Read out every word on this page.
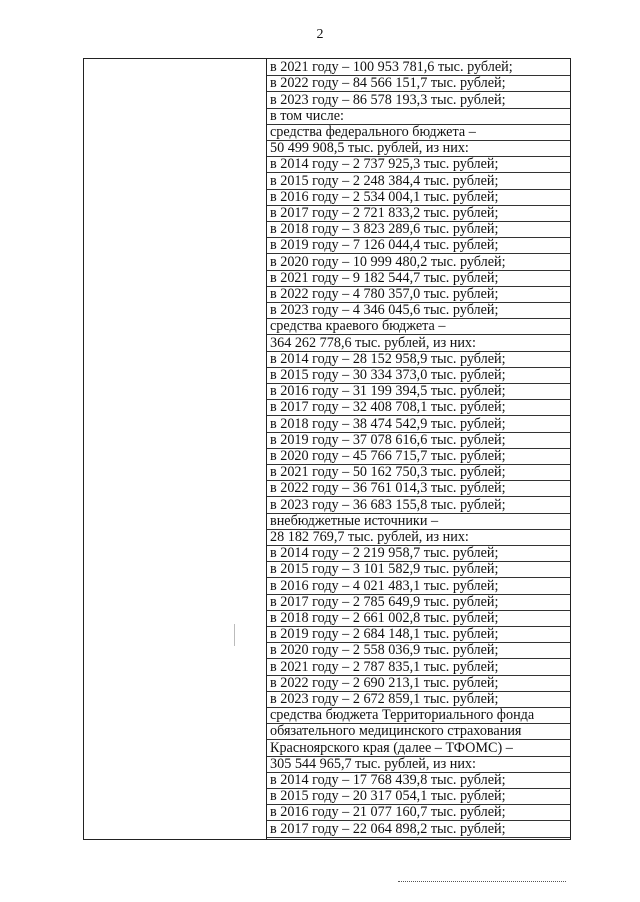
2
в 2021 году – 100 953 781,6 тыс. рублей;
в 2022 году – 84 566 151,7 тыс. рублей;
в 2023 году – 86 578 193,3 тыс. рублей;
в том числе:
средства федерального бюджета –
50 499 908,5 тыс. рублей, из них:
в 2014 году – 2 737 925,3 тыс. рублей;
в 2015 году – 2 248 384,4 тыс. рублей;
в 2016 году – 2 534 004,1 тыс. рублей;
в 2017 году – 2 721 833,2 тыс. рублей;
в 2018 году – 3 823 289,6 тыс. рублей;
в 2019 году – 7 126 044,4 тыс. рублей;
в 2020 году – 10 999 480,2 тыс. рублей;
в 2021 году – 9 182 544,7 тыс. рублей;
в 2022 году – 4 780 357,0 тыс. рублей;
в 2023 году – 4 346 045,6 тыс. рублей;
средства краевого бюджета –
364 262 778,6 тыс. рублей, из них:
в 2014 году – 28 152 958,9 тыс. рублей;
в 2015 году – 30 334 373,0 тыс. рублей;
в 2016 году – 31 199 394,5 тыс. рублей;
в 2017 году – 32 408 708,1 тыс. рублей;
в 2018 году – 38 474 542,9 тыс. рублей;
в 2019 году – 37 078 616,6 тыс. рублей;
в 2020 году – 45 766 715,7 тыс. рублей;
в 2021 году – 50 162 750,3 тыс. рублей;
в 2022 году – 36 761 014,3 тыс. рублей;
в 2023 году – 36 683 155,8 тыс. рублей;
внебюджетные источники –
28 182 769,7 тыс. рублей, из них:
в 2014 году – 2 219 958,7 тыс. рублей;
в 2015 году – 3 101 582,9 тыс. рублей;
в 2016 году – 4 021 483,1 тыс. рублей;
в 2017 году – 2 785 649,9 тыс. рублей;
в 2018 году – 2 661 002,8 тыс. рублей;
в 2019 году – 2 684 148,1 тыс. рублей;
в 2020 году – 2 558 036,9 тыс. рублей;
в 2021 году – 2 787 835,1 тыс. рублей;
в 2022 году – 2 690 213,1 тыс. рублей;
в 2023 году – 2 672 859,1 тыс. рублей;
средства бюджета Территориального фонда
обязательного медицинского страхования
Красноярского края (далее – ТФОМС) –
305 544 965,7 тыс. рублей, из них:
в 2014 году – 17 768 439,8 тыс. рублей;
в 2015 году – 20 317 054,1 тыс. рублей;
в 2016 году – 21 077 160,7 тыс. рублей;
в 2017 году – 22 064 898,2 тыс. рублей;
